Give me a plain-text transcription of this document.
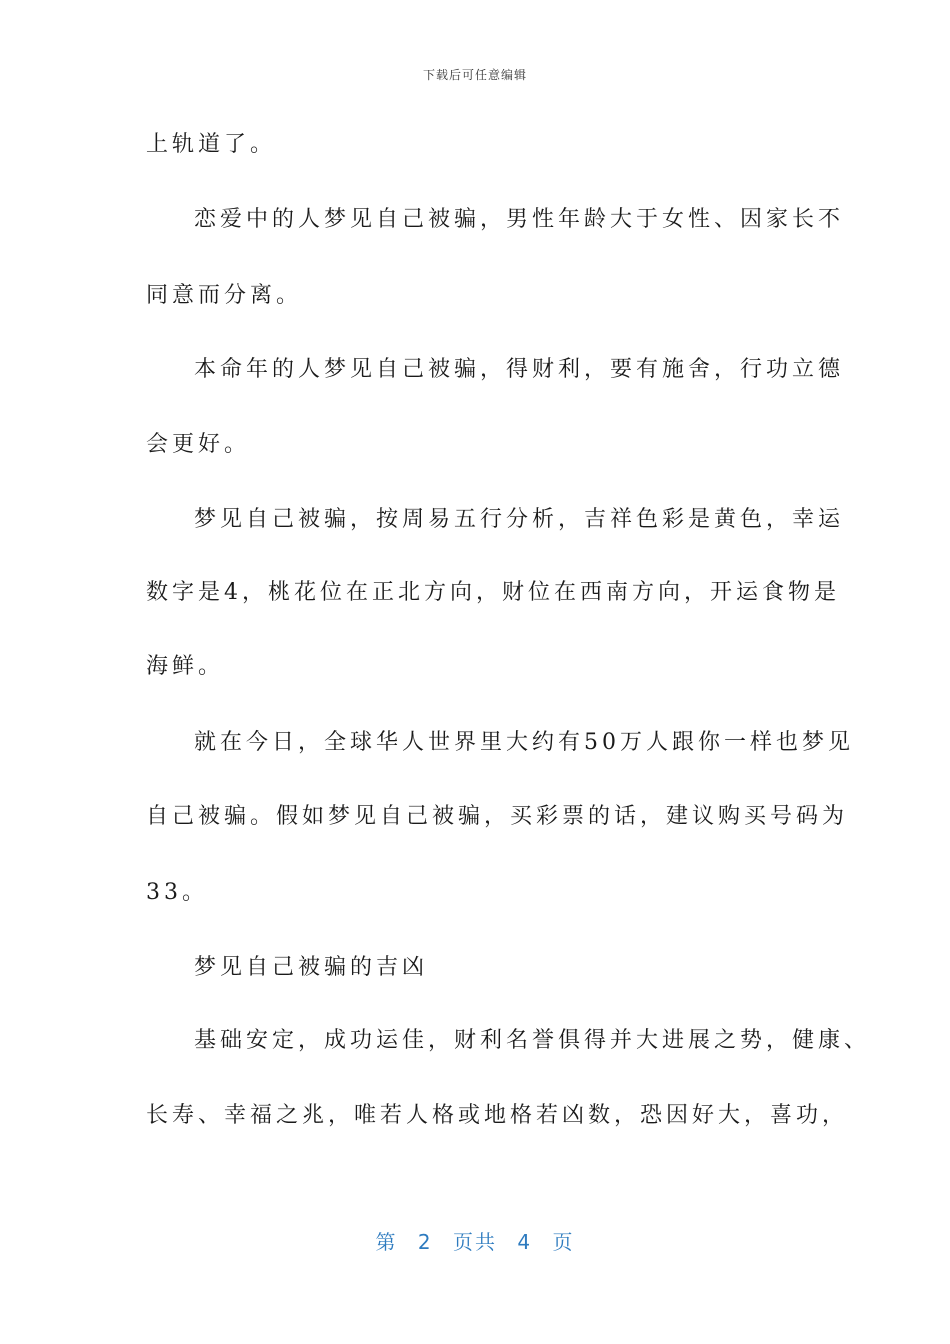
下载后可任意编辑
上轨道了。
恋爱中的人梦见自己被骗，男性年龄大于女性、因家长不
同意而分离。
本命年的人梦见自己被骗，得财利，要有施舍，行功立德
会更好。
梦见自己被骗，按周易五行分析，吉祥色彩是黄色，幸运
数字是4，桃花位在正北方向，财位在西南方向，开运食物是
海鲜。
就在今日，全球华人世界里大约有50万人跟你一样也梦见
自己被骗。假如梦见自己被骗，买彩票的话，建议购买号码为
33。
梦见自己被骗的吉凶
基础安定，成功运佳，财利名誉俱得并大进展之势，健康、
长寿、幸福之兆，唯若人格或地格若凶数，恐因好大，喜功，
第 2 页共 4 页
